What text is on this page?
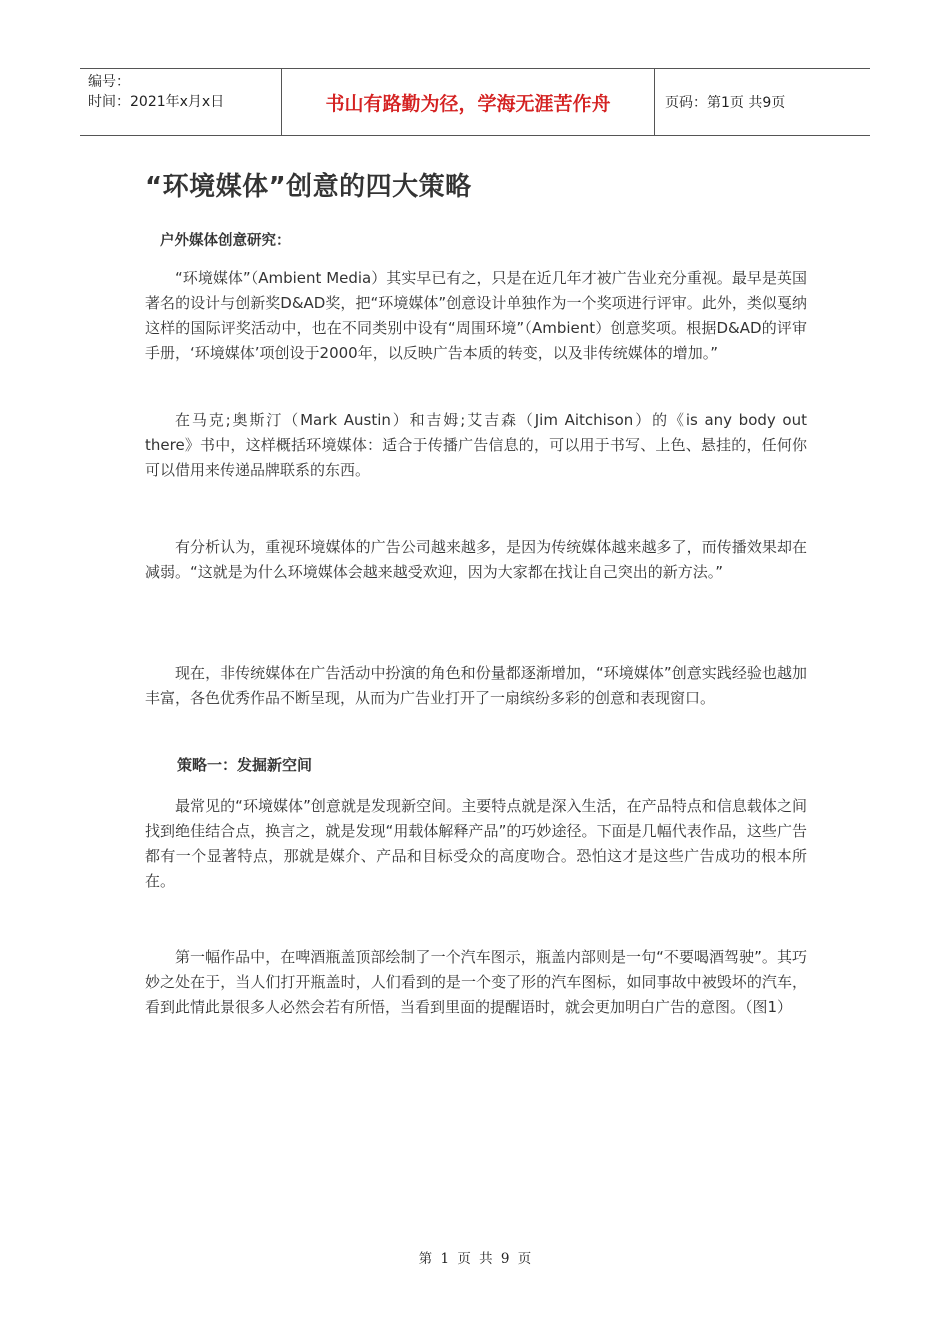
编号：
时间：2021年x月x日	书山有路勤为径，学海无涯苦作舟	页码：第1页 共9页
“环境媒体”创意的四大策略
户外媒体创意研究：

“环境媒体”（Ambient Media）其实早已有之，只是在近几年才被广告业充分重视。最早是英国著名的设计与创新奖D&AD奖，把“环境媒体”创意设计单独作为一个奖项进行评审。此外，类似戛纳这样的国际评奖活动中，也在不同类别中设有“周围环境”（Ambient）创意奖项。根据D&AD的评审手册，‘环境媒体’项创设于2000年，以反映广告本质的转变，以及非传统媒体的增加。”

在马克;奥斯汀（Mark Austin）和吉姆;艾吉森（Jim Aitchison）的《is any body out there》书中，这样概括环境媒体：适合于传播广告信息的，可以用于书写、上色、悬挂的，任何你可以借用来传递品牌联系的东西。

有分析认为，重视环境媒体的广告公司越来越多，是因为传统媒体越来越多了，而传播效果却在减弱。“这就是为什么环境媒体会越来越受欢迎，因为大家都在找让自己突出的新方法。”

现在，非传统媒体在广告活动中扮演的角色和份量都逐渐增加，“环境媒体”创意实践经验也越加丰富，各色优秀作品不断呈现，从而为广告业打开了一扇缤纷多彩的创意和表现窗口。

策略一：发掘新空间

最常见的“环境媒体”创意就是发现新空间。主要特点就是深入生活，在产品特点和信息载体之间找到绝佳结合点，换言之，就是发现“用载体解释产品”的巧妙途径。下面是几幅代表作品，这些广告都有一个显著特点，那就是媒介、产品和目标受众的高度吻合。恐怕这才是这些广告成功的根本所在。

第一幅作品中，在啤酒瓶盖顶部绘制了一个汽车图示，瓶盖内部则是一句“不要喝酒驾驶”。其巧妙之处在于，当人们打开瓶盖时，人们看到的是一个变了形的汽车图标，如同事故中被毁坏的汽车，看到此情此景很多人必然会若有所悟，当看到里面的提醒语时，就会更加明白广告的意图。（图1）

第 1 页 共 9 页
